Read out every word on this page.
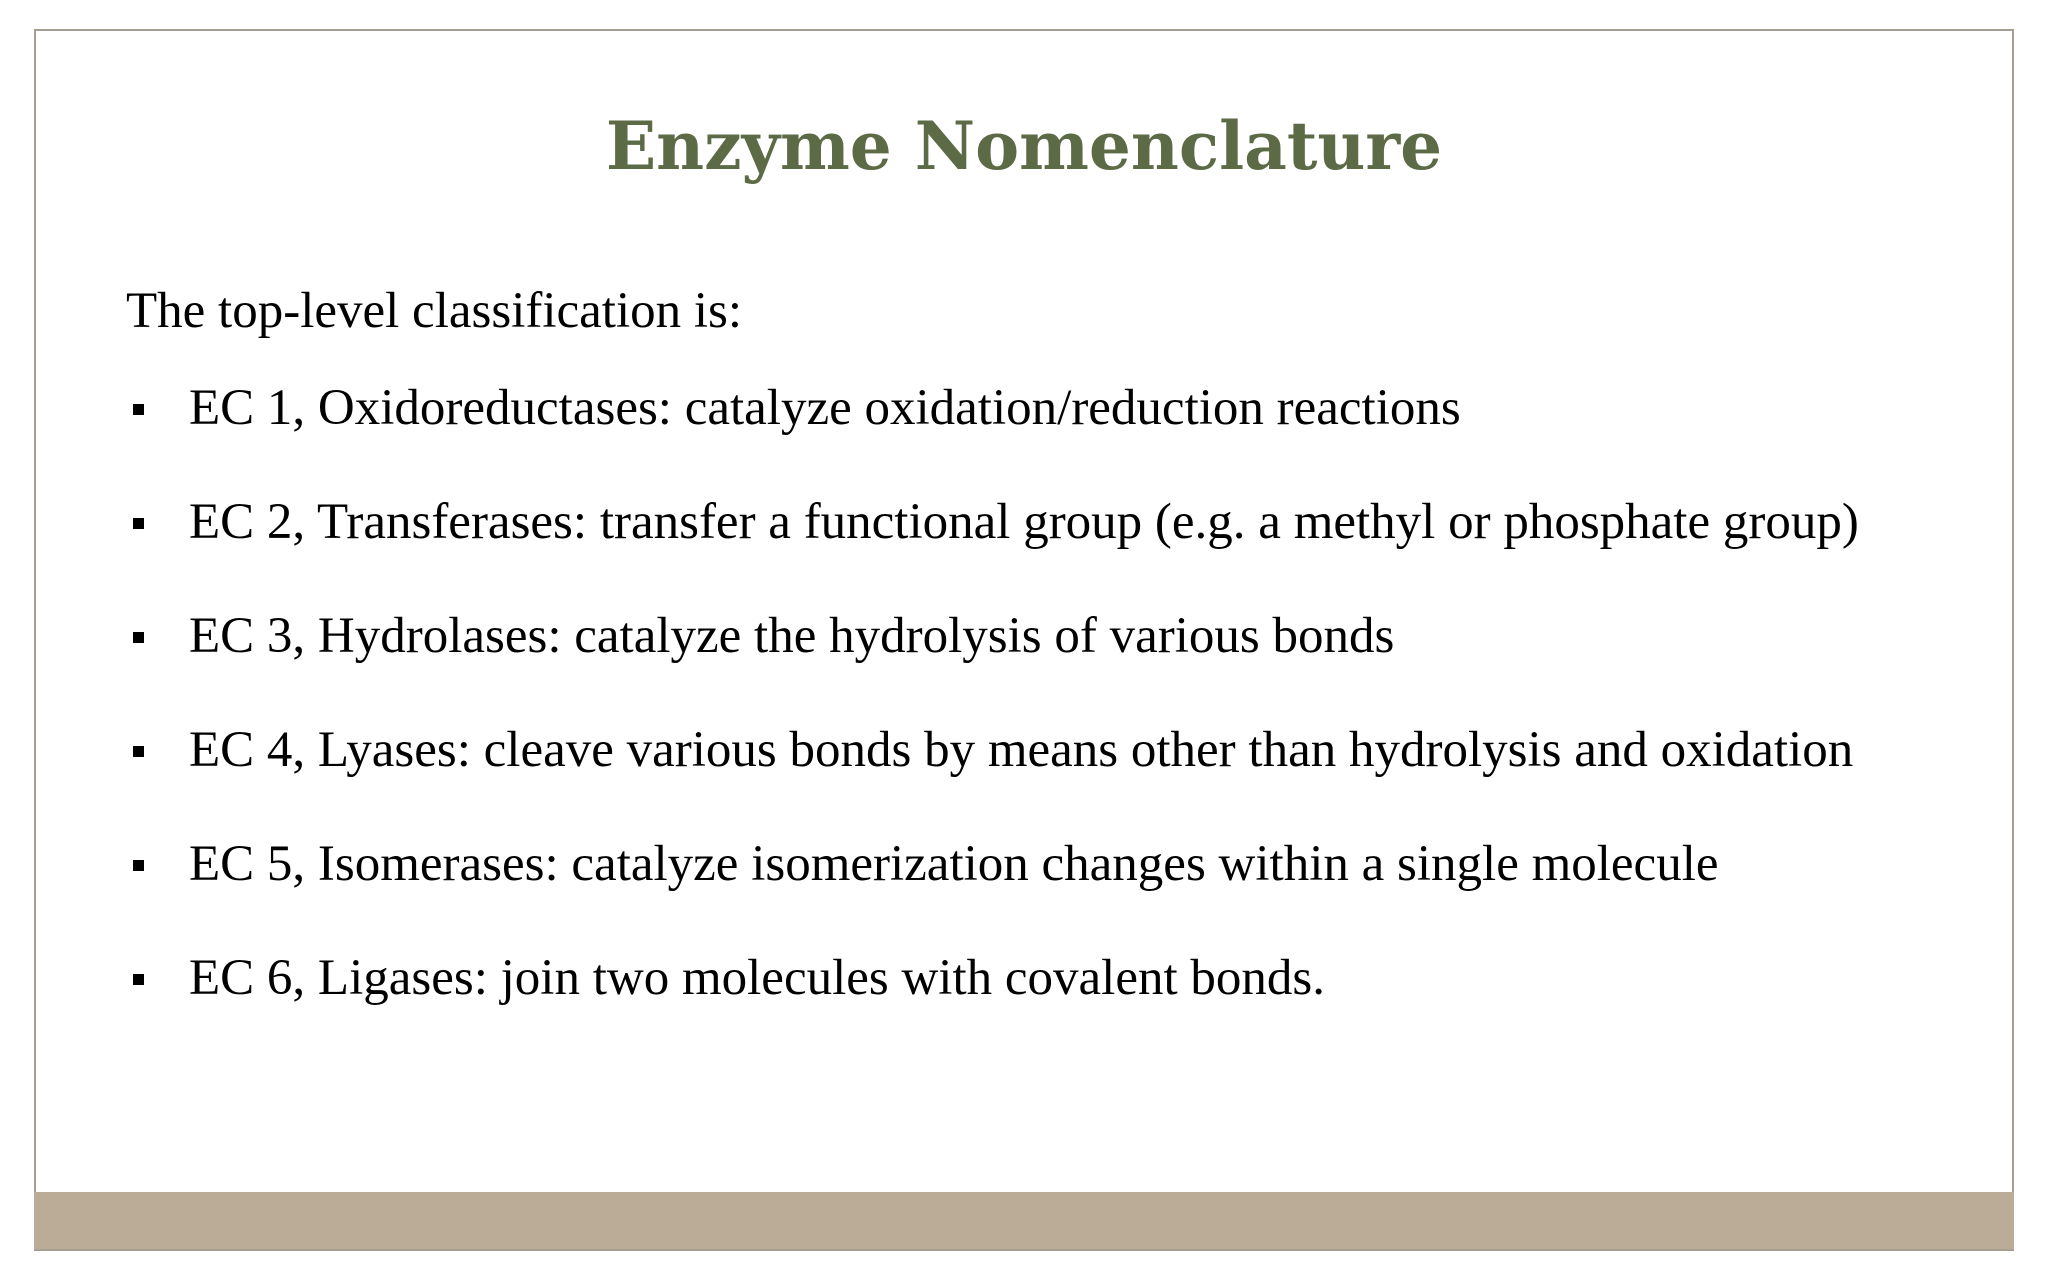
Enzyme Nomenclature

The top-level classification is:

EC 1, Oxidoreductases: catalyze oxidation/reduction reactions
EC 2, Transferases: transfer a functional group (e.g. a methyl or phosphate group)
EC 3, Hydrolases: catalyze the hydrolysis of various bonds
EC 4, Lyases: cleave various bonds by means other than hydrolysis and oxidation
EC 5, Isomerases: catalyze isomerization changes within a single molecule
EC 6, Ligases: join two molecules with covalent bonds.
